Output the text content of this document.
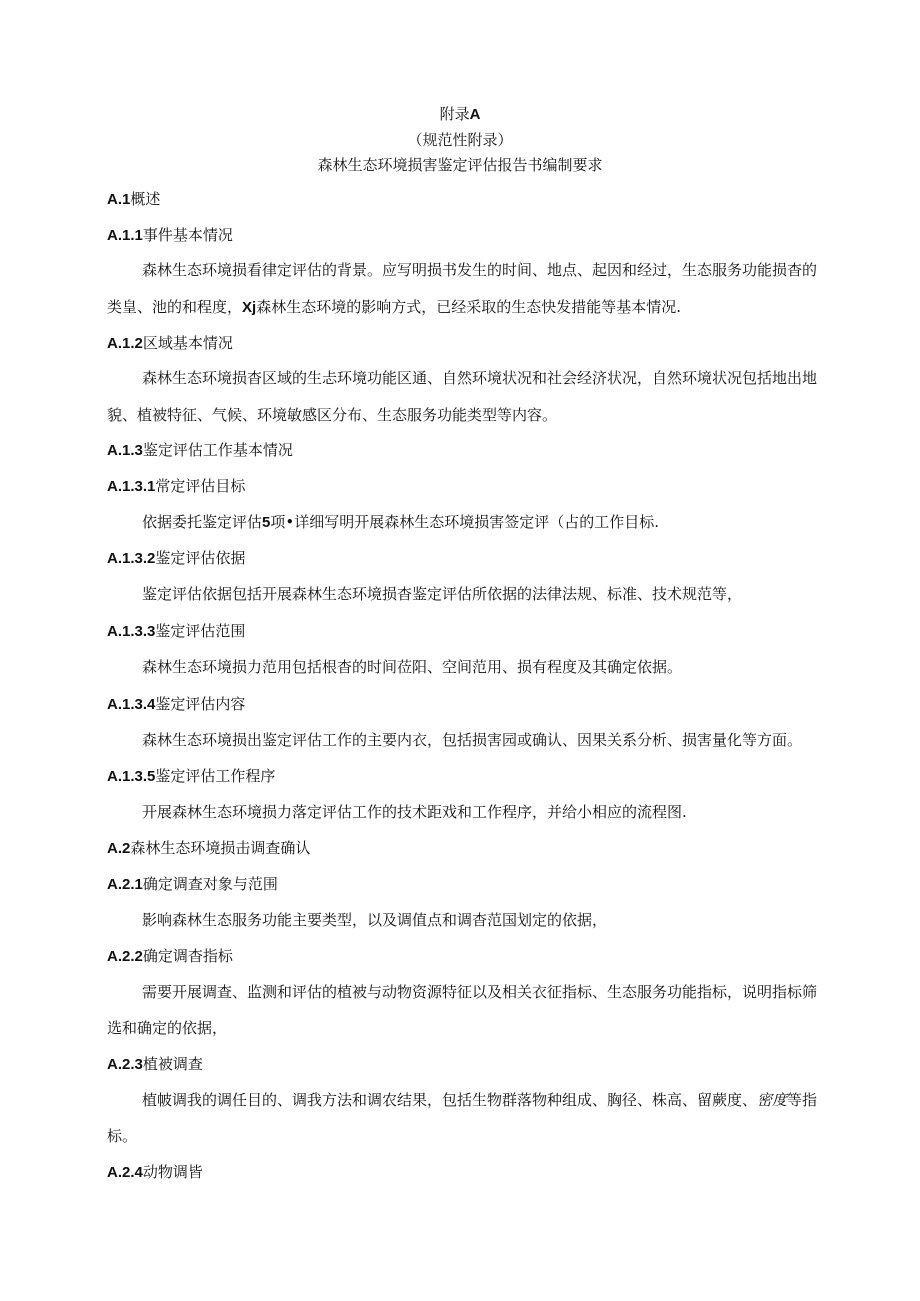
附录A
（规范性附录）
森林生态环境损害鉴定评估报告书编制要求
A.1概述
A.1.1事件基本情况
森林生态环境损看律定评估的背景。应写明损书发生的时间、地点、起因和经过，生态服务功能损杳的
类皇、池的和程度，Xj森林生态环境的影响方式，已经采取的生态快发措能等基本情况.
A.1.2区域基本情况
森林生态环境损杳区域的生忐环境功能区通、自然环境状况和社会经济状况，自然环境状况包括地出地
貌、植被特征、气候、环境敏感区分布、生态服务功能类型等内容。
A.1.3鉴定评估工作基本情况
A.1.3.1常定评估目标
依据委托鉴定评估5项•详细写明开展森林生态环境损害签定评（占的工作目标.
A.1.3.2鉴定评估依据
鉴定评估依据包括开展森林生态环境损杳鉴定评估所依据的法律法规、标准、技术规范等，
A.1.3.3鉴定评估范围
森林生态环境损力范用包括根杳的时间莅阳、空间范用、损有程度及其确定依据。
A.1.3.4鉴定评估内容
森林生态环境损出鉴定评估工作的主要内衣，包括损害园或确认、因果关系分析、损害量化等方面。
A.1.3.5鉴定评估工作程序
开展森林生态环境损力落定评估工作的技术距戏和工作程序，并给小相应的流程图.
A.2森林生态环境损击调查确认
A.2.1确定调查对象与范围
影响森林生态服务功能主要类型，以及调值点和调杳范国划定的依据，
A.2.2确定调杳指标
需要开展调查、监测和评估的植被与动物资源特征以及相关衣征指标、生态服务功能指标，说明指标筛
选和确定的依据，
A.2.3植被调查
植帔调我的调任目的、调我方法和调农结果，包括生物群落物种组成、胸径、株高、留蕨度、密度等指
标。
A.2.4动物调皆
